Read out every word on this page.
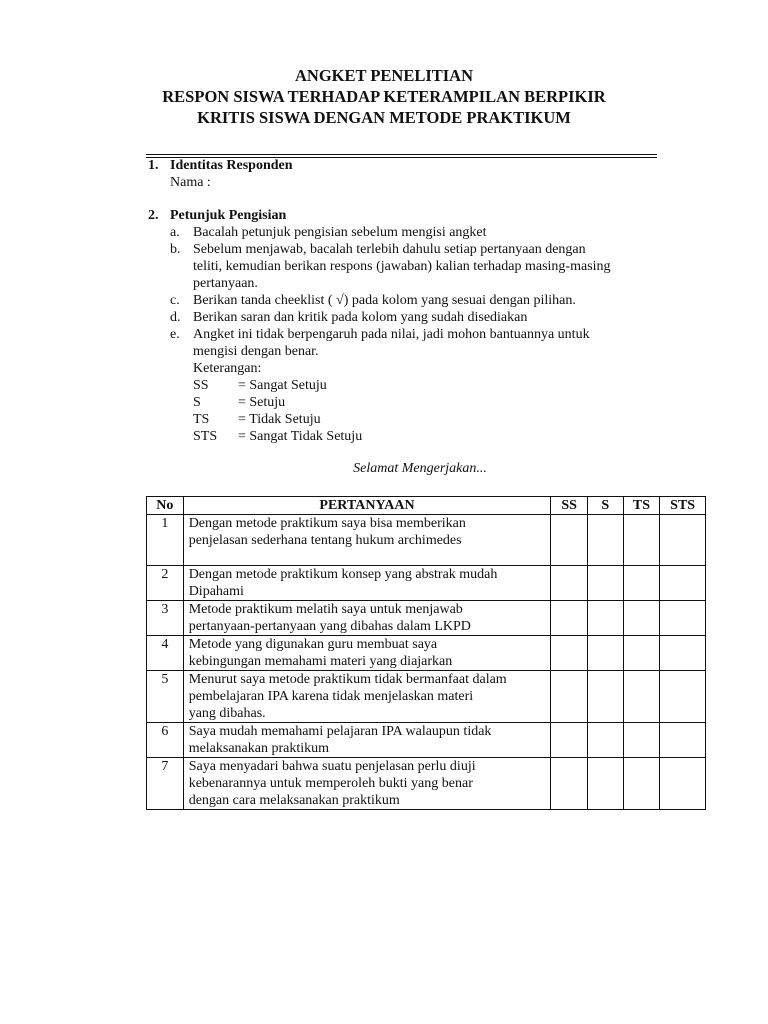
ANGKET PENELITIAN
RESPON SISWA TERHADAP KETERAMPILAN BERPIKIR
KRITIS SISWA DENGAN METODE PRAKTIKUM
1. Identitas Responden
Nama :
2. Petunjuk Pengisian
a. Bacalah petunjuk pengisian sebelum mengisi angket
b. Sebelum menjawab, bacalah terlebih dahulu setiap pertanyaan dengan
teliti, kemudian berikan respons (jawaban) kalian terhadap masing-masing
pertanyaan.
c. Berikan tanda cheeklist ( √) pada kolom yang sesuai dengan pilihan.
d. Berikan saran dan kritik pada kolom yang sudah disediakan
e. Angket ini tidak berpengaruh pada nilai, jadi mohon bantuannya untuk
mengisi dengan benar.
Keterangan:
SS = Sangat Setuju
S	= Setuju
TS = Tidak Setuju
STS = Sangat Tidak Setuju
Selamat Mengerjakan...
No	PERTANYAAN	SS	S	TS	STS
1	Dengan metode praktikum saya bisa memberikan
penjelasan sederhana tentang hukum archimedes				

2	Dengan metode praktikum konsep yang abstrak mudah
Dipahami				

3	Metode praktikum melatih saya untuk menjawab
pertanyaan-pertanyaan yang dibahas dalam LKPD				

4	Metode yang digunakan guru membuat saya
kebingungan memahami materi yang diajarkan				

5	Menurut saya metode praktikum tidak bermanfaat dalam
pembelajaran IPA karena tidak menjelaskan materi
yang dibahas.				

6	Saya mudah memahami pelajaran IPA walaupun tidak
melaksanakan praktikum				

7	Saya menyadari bahwa suatu penjelasan perlu diuji
kebenarannya untuk memperoleh bukti yang benar
dengan cara melaksanakan praktikum				
